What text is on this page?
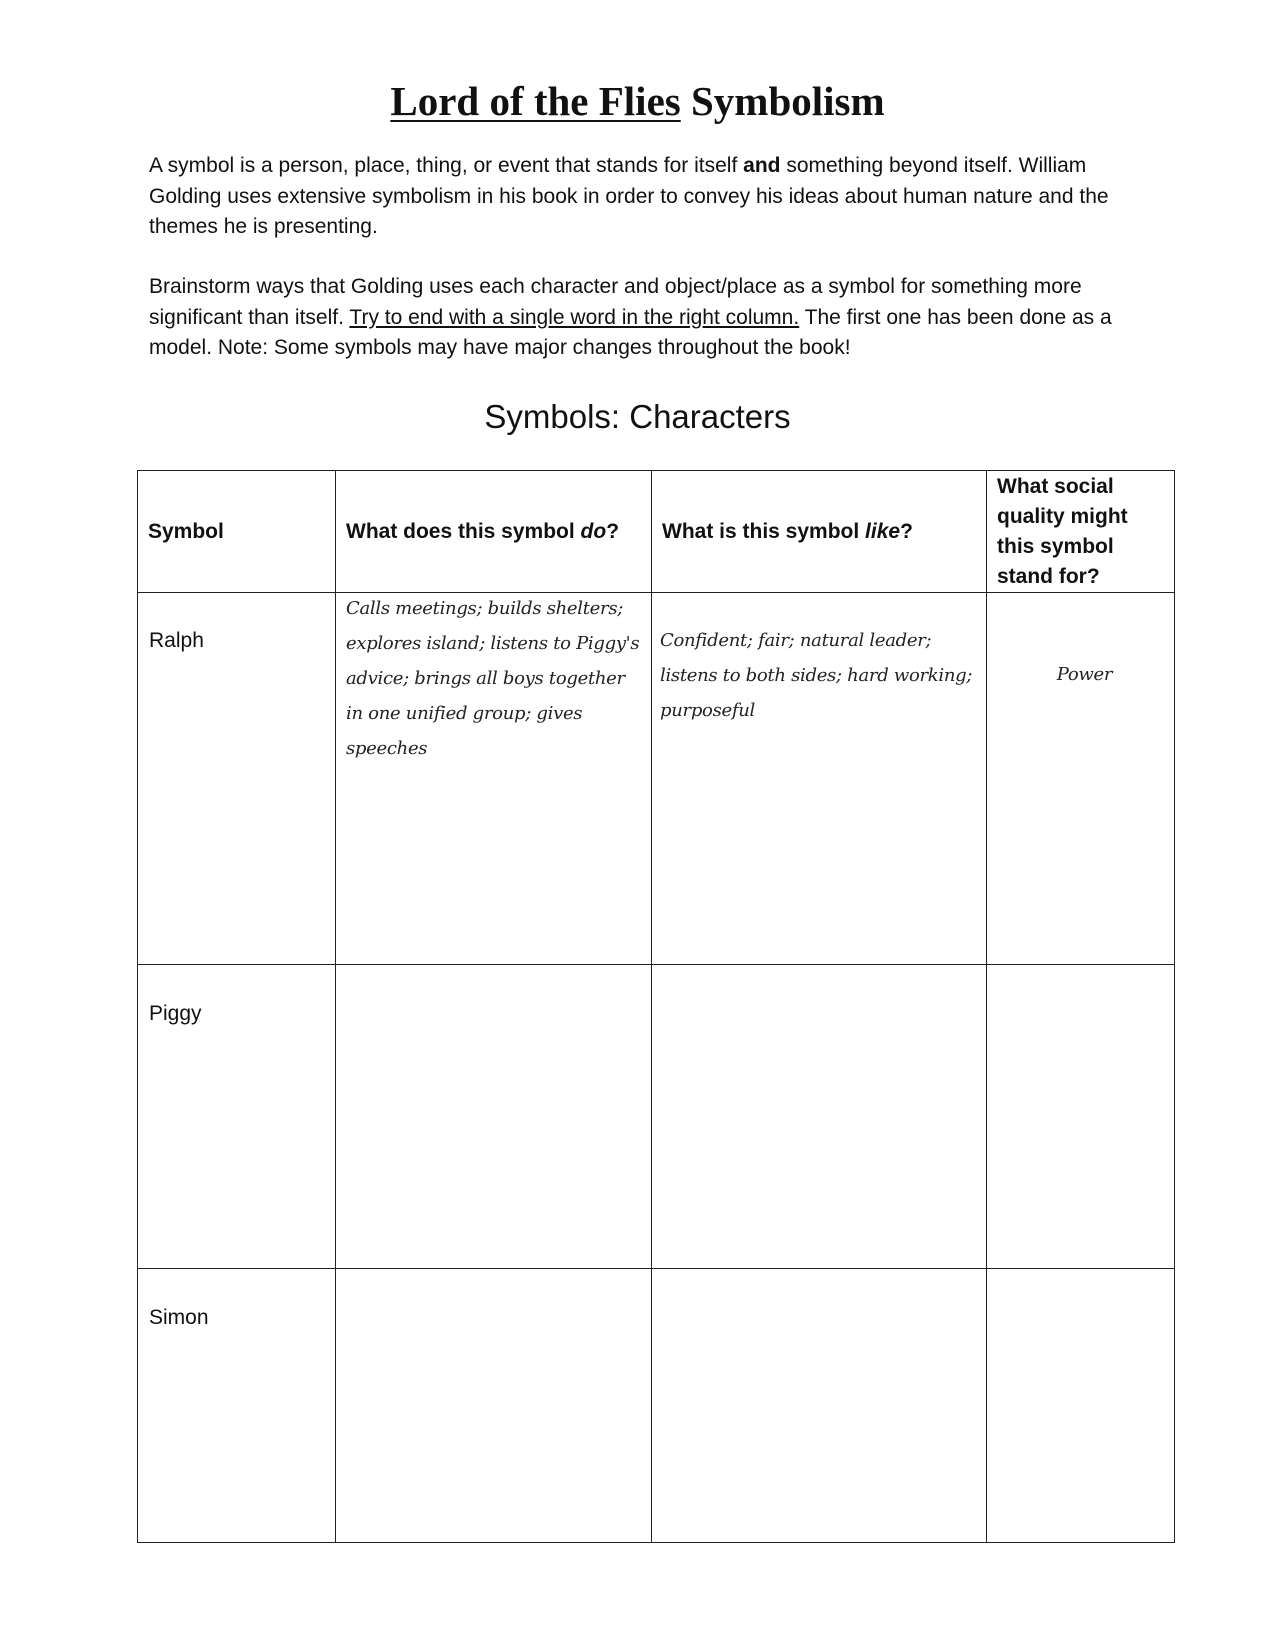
Lord of the Flies Symbolism

A symbol is a person, place, thing, or event that stands for itself and something beyond itself. William Golding uses extensive symbolism in his book in order to convey his ideas about human nature and the themes he is presenting.

Brainstorm ways that Golding uses each character and object/place as a symbol for something more significant than itself. Try to end with a single word in the right column. The first one has been done as a model. Note: Some symbols may have major changes throughout the book!

Symbols: Characters
Symbol	What does this symbol do?	What is this symbol like?	What social quality might this symbol stand for?

Ralph	Calls meetings; builds shelters; explores island; listens to Piggy's advice; brings all boys together in one unified group; gives speeches	Confident; fair; natural leader; listens to both sides; hard working; purposeful	Power

Piggy			

Simon			
